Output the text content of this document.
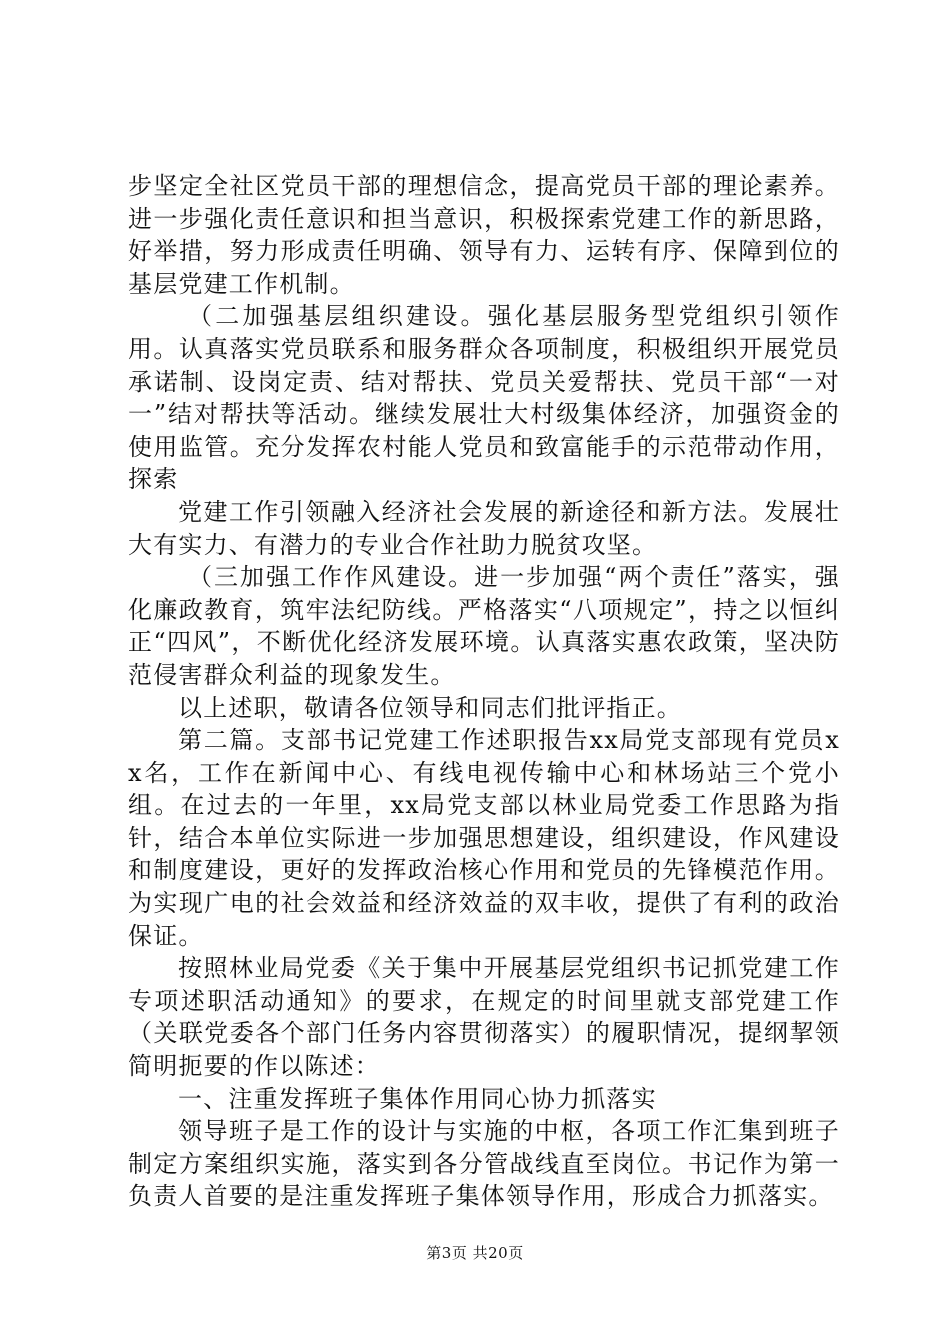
步坚定全社区党员干部的理想信念，提高党员干部的理论素养。进一步强化责任意识和担当意识，积极探索党建工作的新思路，好举措，努力形成责任明确、领导有力、运转有序、保障到位的基层党建工作机制。

（二加强基层组织建设。强化基层服务型党组织引领作用。认真落实党员联系和服务群众各项制度，积极组织开展党员承诺制、设岗定责、结对帮扶、党员关爱帮扶、党员干部“一对一”结对帮扶等活动。继续发展壮大村级集体经济，加强资金的使用监管。充分发挥农村能人党员和致富能手的示范带动作用，探索

党建工作引领融入经济社会发展的新途径和新方法。发展壮大有实力、有潜力的专业合作社助力脱贫攻坚。

（三加强工作作风建设。进一步加强“两个责任”落实，强化廉政教育，筑牢法纪防线。严格落实“八项规定”，持之以恒纠正“四风”，不断优化经济发展环境。认真落实惠农政策，坚决防范侵害群众利益的现象发生。

以上述职，敬请各位领导和同志们批评指正。

第二篇。支部书记党建工作述职报告xx局党支部现有党员xx名，工作在新闻中心、有线电视传输中心和林场站三个党小组。在过去的一年里，xx局党支部以林业局党委工作思路为指针，结合本单位实际进一步加强思想建设，组织建设，作风建设和制度建设，更好的发挥政治核心作用和党员的先锋模范作用。为实现广电的社会效益和经济效益的双丰收，提供了有利的政治保证。

按照林业局党委《关于集中开展基层党组织书记抓党建工作专项述职活动通知》的要求，在规定的时间里就支部党建工作（关联党委各个部门任务内容贯彻落实）的履职情况，提纲挈领简明扼要的作以陈述：

一、注重发挥班子集体作用同心协力抓落实

领导班子是工作的设计与实施的中枢，各项工作汇集到班子制定方案组织实施，落实到各分管战线直至岗位。书记作为第一负责人首要的是注重发挥班子集体领导作用，形成合力抓落实。

第3页 共20页
